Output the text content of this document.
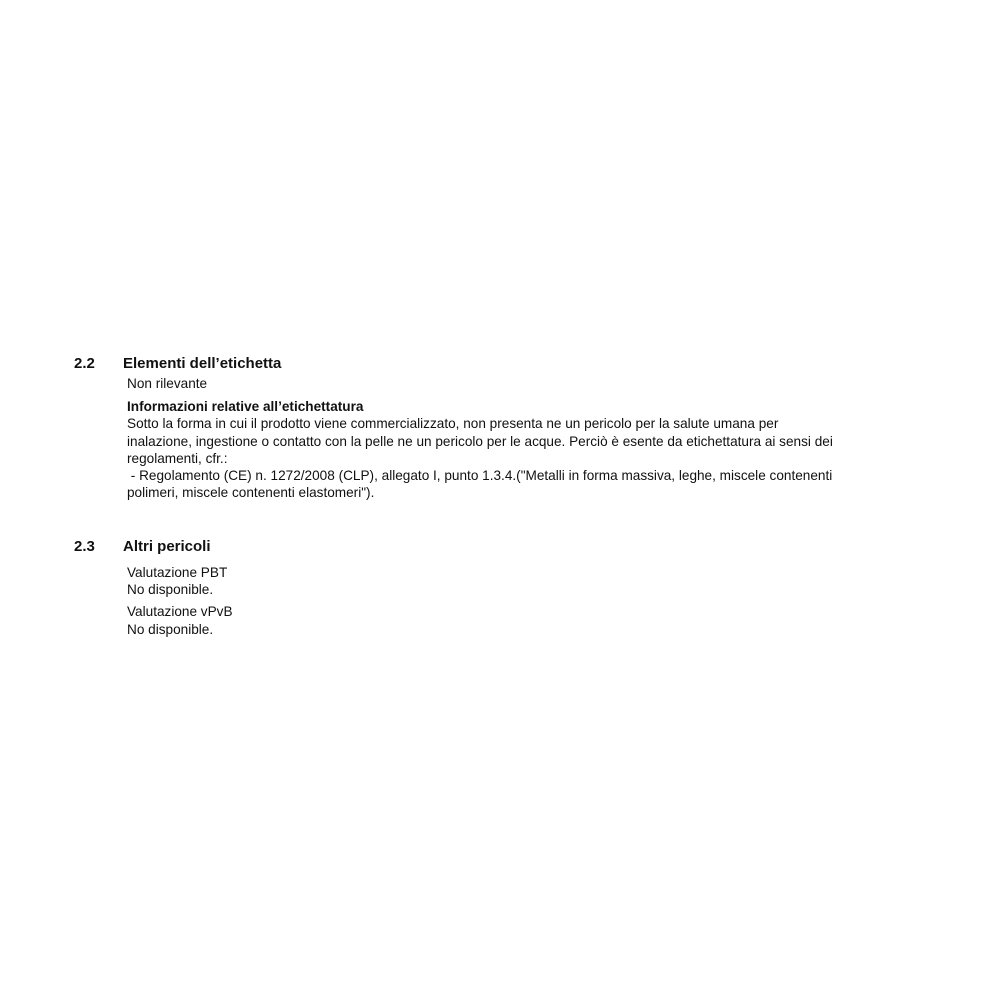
2.2	Elementi dell’etichetta
Non rilevante
Informazioni relative all’etichettatura
Sotto la forma in cui il prodotto viene commercializzato, non presenta ne un pericolo per la salute umana per
inalazione, ingestione o contatto con la pelle ne un pericolo per le acque. Perciò è esente da etichettatura ai sensi dei
regolamenti, cfr.:
- Regolamento (CE) n. 1272/2008 (CLP), allegato I, punto 1.3.4.("Metalli in forma massiva, leghe, miscele contenenti
polimeri, miscele contenenti elastomeri").
2.3	Altri pericoli
Valutazione PBT
No disponible.
Valutazione vPvB
No disponible.
